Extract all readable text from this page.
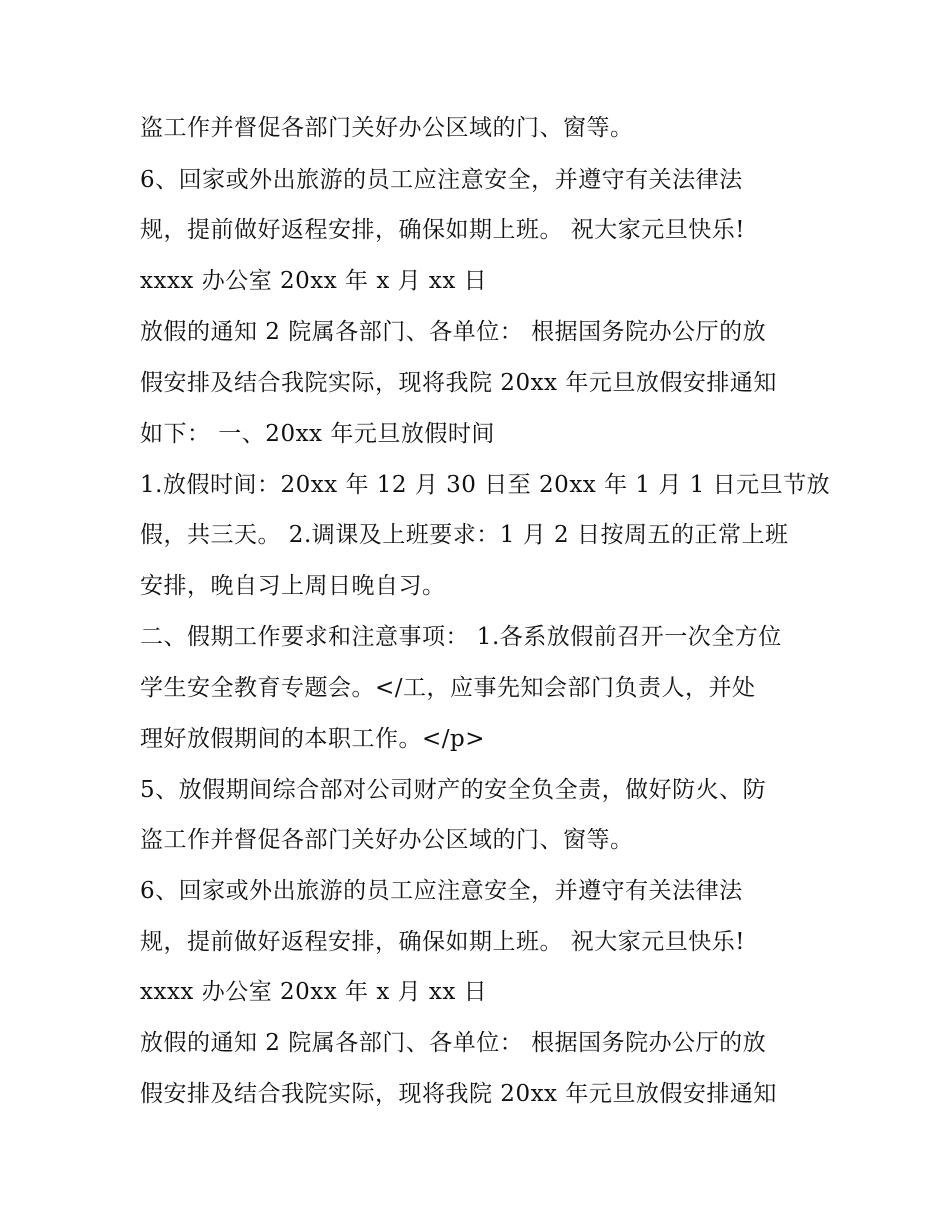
盗工作并督促各部门关好办公区域的门、窗等。
6、回家或外出旅游的员工应注意安全，并遵守有关法律法
规，提前做好返程安排，确保如期上班。 祝大家元旦快乐!
xxxx 办公室 20xx 年 x 月 xx 日
放假的通知 2 院属各部门、各单位： 根据国务院办公厅的放
假安排及结合我院实际，现将我院 20xx 年元旦放假安排通知
如下： 一、20xx 年元旦放假时间
1.放假时间：20xx 年 12 月 30 日至 20xx 年 1 月 1 日元旦节放
假，共三天。 2.调课及上班要求：1 月 2 日按周五的正常上班
安排，晚自习上周日晚自习。
二、假期工作要求和注意事项： 1.各系放假前召开一次全方位
学生安全教育专题会。</工，应事先知会部门负责人，并处
理好放假期间的本职工作。</p>
5、放假期间综合部对公司财产的安全负全责，做好防火、防
盗工作并督促各部门关好办公区域的门、窗等。
6、回家或外出旅游的员工应注意安全，并遵守有关法律法
规，提前做好返程安排，确保如期上班。 祝大家元旦快乐!
xxxx 办公室 20xx 年 x 月 xx 日
放假的通知 2 院属各部门、各单位： 根据国务院办公厅的放
假安排及结合我院实际，现将我院 20xx 年元旦放假安排通知
